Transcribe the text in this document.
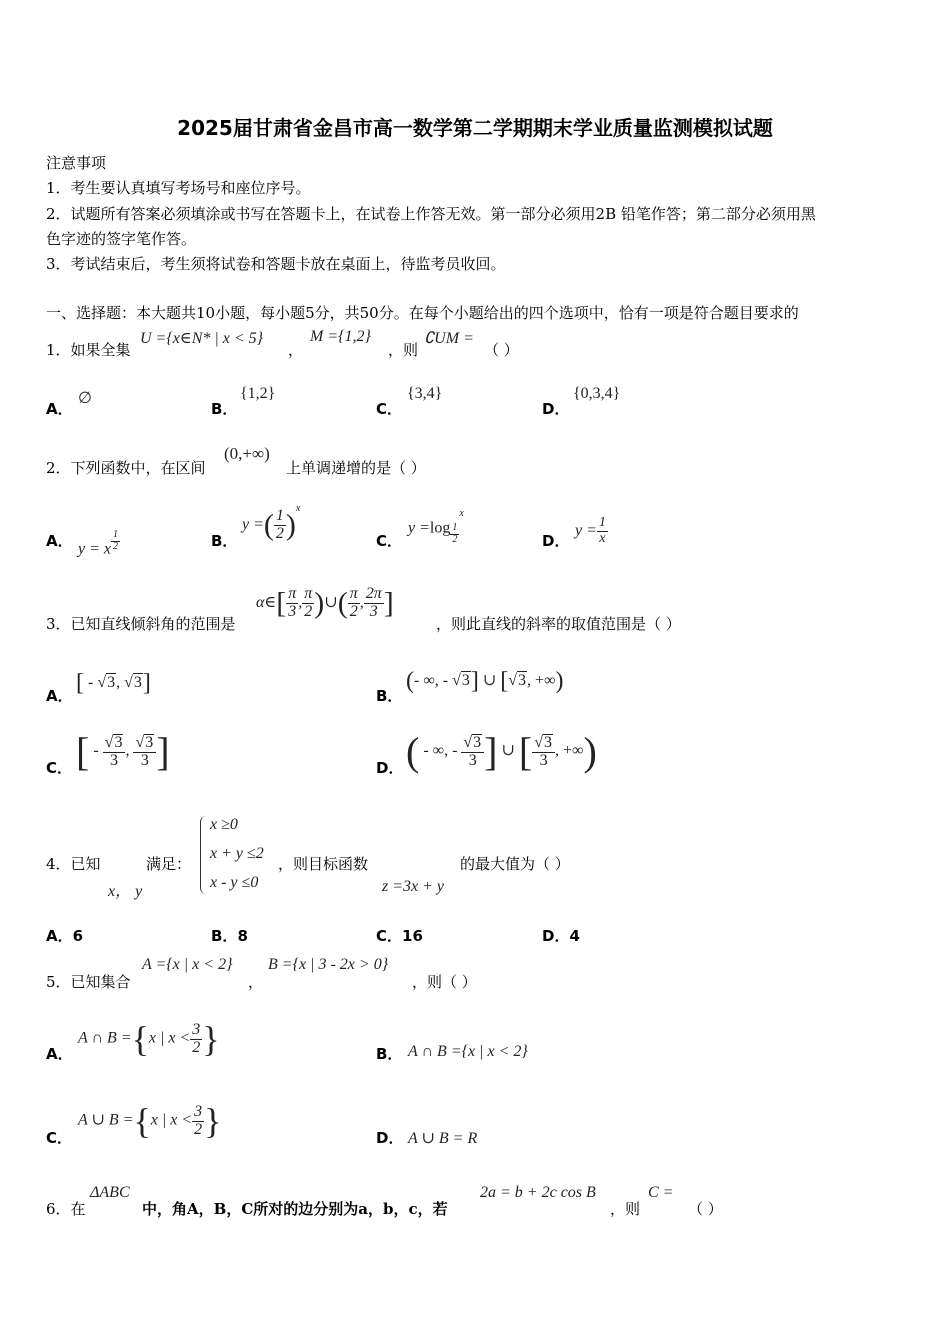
2025届甘肃省金昌市高一数学第二学期期末学业质量监测模拟试题
注意事项
1．考生要认真填写考场号和座位序号。
2．试题所有答案必须填涂或书写在答题卡上，在试卷上作答无效。第一部分必须用2B 铅笔作答；第二部分必须用黑
色字迹的签字笔作答。
3．考试结束后，考生须将试卷和答题卡放在桌面上，待监考员收回。
一、选择题：本大题共10小题，每小题5分，共50分。在每个小题给出的四个选项中，恰有一项是符合题目要求的
1．如果全集
U ={x∈N* | x < 5}
，
M ={1,2}
，则
∁UM =
（ ）
A．
∅
B．
{1,2}
C．
{3,4}
D．
{0,3,4}
2．下列函数中，在区间
(0,+∞)
上单调递增的是（ ）
A． y = x $^{\frac{1}{2}}$	B．
y =( $\frac{1}{2} )^x$
C．
y =log $_{\frac{1}{2}}$
$^x$
D．
$y = \frac{1}{x}$
3．已知直线倾斜角的范围是
α∈[ $\frac{\pi}{3}$ , $\frac{\pi}{2}$ )∪( $\frac{\pi}{2}$ , $\frac{2\pi}{3}$ ]
，则此直线的斜率的取值范围是（ ）
A． [ - √3, √3]	B．
(- ∞, - √3] ∪ [√3, +∞)
C． [ - $\frac{√3}{3}$ , $\frac{√3}{3}$ ]	D． ( - ∞, - $\frac{√3}{3}$ ] ∪ [ $\frac{√3}{3}$ , +∞)
4．已知
x， y
满足：
x ≥0
x + y ≤2
x - y ≤0
，则目标函数
z =3x + y
的最大值为（ ）
A．6	B．8	C．16	D．4
5．已知集合
A ={x | x < 2}
，
B ={x | 3 - 2x > 0}
，则（ ）
A．
A ∩ B ={x | $x < \frac{3}{2}$ }	B． A ∩ B ={x | x < 2}
C．
A ∪ B ={x | $x < \frac{3}{2}$ }	D． A ∪ B = R
6．在
ΔABC
中，角A，B，C所对的边分别为a，b，c，若
2a = b + 2c cos B
，则
C =
（ ）
